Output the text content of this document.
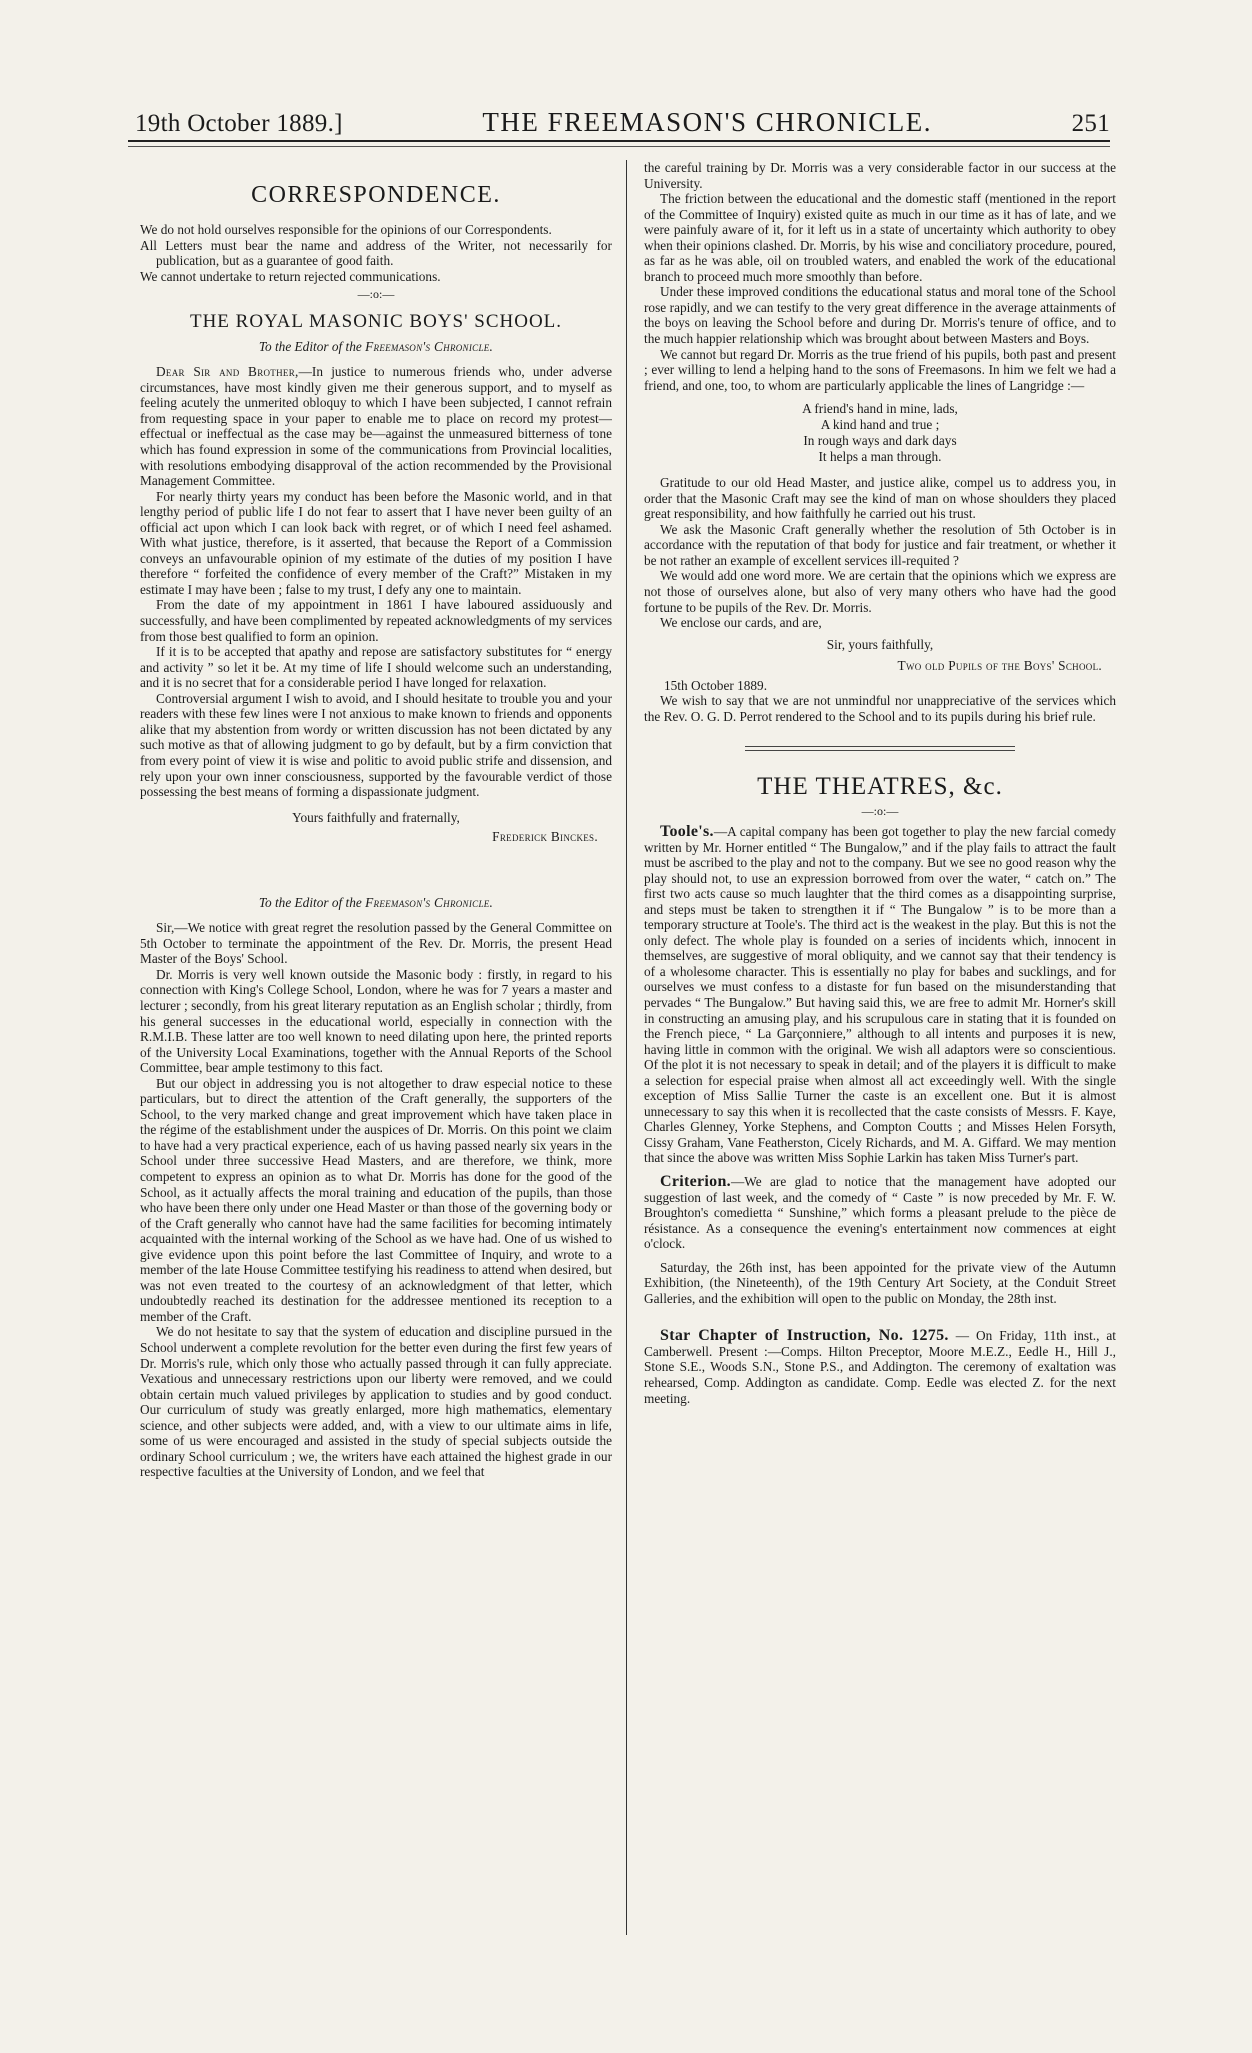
19th October 1889.]	THE FREEMASON'S CHRONICLE.	251
CORRESPONDENCE.

We do not hold ourselves responsible for the opinions of our Correspondents.

All Letters must bear the name and address of the Writer, not necessarily for publication, but as a guarantee of good faith.

We cannot undertake to return rejected communications.

—:o:—
THE ROYAL MASONIC BOYS' SCHOOL.
To the Editor of the Freemason's Chronicle.

Dear Sir and Brother,—In justice to numerous friends who, under adverse circumstances, have most kindly given me their generous support, and to myself as feeling acutely the unmerited obloquy to which I have been subjected, I cannot refrain from requesting space in your paper to enable me to place on record my protest—effectual or ineffectual as the case may be—against the unmeasured bitterness of tone which has found expression in some of the communications from Provincial localities, with resolutions embodying disapproval of the action recommended by the Provisional Management Committee.

For nearly thirty years my conduct has been before the Masonic world, and in that lengthy period of public life I do not fear to assert that I have never been guilty of an official act upon which I can look back with regret, or of which I need feel ashamed. With what justice, therefore, is it asserted, that because the Report of a Commission conveys an unfavourable opinion of my estimate of the duties of my position I have therefore “ forfeited the confidence of every member of the Craft?” Mistaken in my estimate I may have been ; false to my trust, I defy any one to maintain.

From the date of my appointment in 1861 I have laboured assiduously and successfully, and have been complimented by repeated acknowledgments of my services from those best qualified to form an opinion.

If it is to be accepted that apathy and repose are satisfactory substitutes for “ energy and activity ” so let it be. At my time of life I should welcome such an understanding, and it is no secret that for a considerable period I have longed for relaxation.

Controversial argument I wish to avoid, and I should hesitate to trouble you and your readers with these few lines were I not anxious to make known to friends and opponents alike that my abstention from wordy or written discussion has not been dictated by any such motive as that of allowing judgment to go by default, but by a firm conviction that from every point of view it is wise and politic to avoid public strife and dissension, and rely upon your own inner consciousness, supported by the favourable verdict of those possessing the best means of forming a dispassionate judgment.

Yours faithfully and fraternally,
Frederick Binckes.
To the Editor of the Freemason's Chronicle.

Sir,—We notice with great regret the resolution passed by the General Committee on 5th October to terminate the appointment of the Rev. Dr. Morris, the present Head Master of the Boys' School.

Dr. Morris is very well known outside the Masonic body : firstly, in regard to his connection with King's College School, London, where he was for 7 years a master and lecturer ; secondly, from his great literary reputation as an English scholar ; thirdly, from his general successes in the educational world, especially in connection with the R.M.I.B. These latter are too well known to need dilating upon here, the printed reports of the University Local Examinations, together with the Annual Reports of the School Committee, bear ample testimony to this fact.

But our object in addressing you is not altogether to draw especial notice to these particulars, but to direct the attention of the Craft generally, the supporters of the School, to the very marked change and great improvement which have taken place in the régime of the establishment under the auspices of Dr. Morris. On this point we claim to have had a very practical experience, each of us having passed nearly six years in the School under three successive Head Masters, and are therefore, we think, more competent to express an opinion as to what Dr. Morris has done for the good of the School, as it actually affects the moral training and education of the pupils, than those who have been there only under one Head Master or than those of the governing body or of the Craft generally who cannot have had the same facilities for becoming intimately acquainted with the internal working of the School as we have had. One of us wished to give evidence upon this point before the last Committee of Inquiry, and wrote to a member of the late House Committee testifying his readiness to attend when desired, but was not even treated to the courtesy of an acknowledgment of that letter, which undoubtedly reached its destination for the addressee mentioned its reception to a member of the Craft.

We do not hesitate to say that the system of education and discipline pursued in the School underwent a complete revolution for the better even during the first few years of Dr. Morris's rule, which only those who actually passed through it can fully appreciate. Vexatious and unnecessary restrictions upon our liberty were removed, and we could obtain certain much valued privileges by application to studies and by good conduct. Our curriculum of study was greatly enlarged, more high mathematics, elementary science, and other subjects were added, and, with a view to our ultimate aims in life, some of us were encouraged and assisted in the study of special subjects outside the ordinary School curriculum ; we, the writers have each attained the highest grade in our respective faculties at the University of London, and we feel that

the careful training by Dr. Morris was a very considerable factor in our success at the University.

The friction between the educational and the domestic staff (mentioned in the report of the Committee of Inquiry) existed quite as much in our time as it has of late, and we were painfuly aware of it, for it left us in a state of uncertainty which authority to obey when their opinions clashed. Dr. Morris, by his wise and conciliatory procedure, poured, as far as he was able, oil on troubled waters, and enabled the work of the educational branch to proceed much more smoothly than before.

Under these improved conditions the educational status and moral tone of the School rose rapidly, and we can testify to the very great difference in the average attainments of the boys on leaving the School before and during Dr. Morris's tenure of office, and to the much happier relationship which was brought about between Masters and Boys.

We cannot but regard Dr. Morris as the true friend of his pupils, both past and present ; ever willing to lend a helping hand to the sons of Freemasons. In him we felt we had a friend, and one, too, to whom are particularly applicable the lines of Langridge :—

A friend's hand in mine, lads,
A kind hand and true ;
In rough ways and dark days
It helps a man through.

Gratitude to our old Head Master, and justice alike, compel us to address you, in order that the Masonic Craft may see the kind of man on whose shoulders they placed great responsibility, and how faithfully he carried out his trust.

We ask the Masonic Craft generally whether the resolution of 5th October is in accordance with the reputation of that body for justice and fair treatment, or whether it be not rather an example of excellent services ill-requited ?

We would add one word more. We are certain that the opinions which we express are not those of ourselves alone, but also of very many others who have had the good fortune to be pupils of the Rev. Dr. Morris.

We enclose our cards, and are,

Sir, yours faithfully,
Two old Pupils of the Boys' School.

15th October 1889.

We wish to say that we are not unmindful nor unappreciative of the services which the Rev. O. G. D. Perrot rendered to the School and to its pupils during his brief rule.

THE THEATRES, &c.
—:o:—

Toole's.—A capital company has been got together to play the new farcial comedy written by Mr. Horner entitled “ The Bungalow,” and if the play fails to attract the fault must be ascribed to the play and not to the company. But we see no good reason why the play should not, to use an expression borrowed from over the water, “ catch on.” The first two acts cause so much laughter that the third comes as a disappointing surprise, and steps must be taken to strengthen it if “ The Bungalow ” is to be more than a temporary structure at Toole's. The third act is the weakest in the play. But this is not the only defect. The whole play is founded on a series of incidents which, innocent in themselves, are suggestive of moral obliquity, and we cannot say that their tendency is of a wholesome character. This is essentially no play for babes and sucklings, and for ourselves we must confess to a distaste for fun based on the misunderstanding that pervades “ The Bungalow.” But having said this, we are free to admit Mr. Horner's skill in constructing an amusing play, and his scrupulous care in stating that it is founded on the French piece, “ La Garçonniere,” although to all intents and purposes it is new, having little in common with the original. We wish all adaptors were so conscientious. Of the plot it is not necessary to speak in detail; and of the players it is difficult to make a selection for especial praise when almost all act exceedingly well. With the single exception of Miss Sallie Turner the caste is an excellent one. But it is almost unnecessary to say this when it is recollected that the caste consists of Messrs. F. Kaye, Charles Glenney, Yorke Stephens, and Compton Coutts ; and Misses Helen Forsyth, Cissy Graham, Vane Featherston, Cicely Richards, and M. A. Giffard. We may mention that since the above was written Miss Sophie Larkin has taken Miss Turner's part.

Criterion.—We are glad to notice that the management have adopted our suggestion of last week, and the comedy of “ Caste ” is now preceded by Mr. F. W. Broughton's comedietta “ Sunshine,” which forms a pleasant prelude to the pièce de résistance. As a consequence the evening's entertainment now commences at eight o'clock.

Saturday, the 26th inst, has been appointed for the private view of the Autumn Exhibition, (the Nineteenth), of the 19th Century Art Society, at the Conduit Street Galleries, and the exhibition will open to the public on Monday, the 28th inst.

Star Chapter of Instruction, No. 1275. — On Friday, 11th inst., at Camberwell. Present :—Comps. Hilton Preceptor, Moore M.E.Z., Eedle H., Hill J., Stone S.E., Woods S.N., Stone P.S., and Addington. The ceremony of exaltation was rehearsed, Comp. Addington as candidate. Comp. Eedle was elected Z. for the next meeting.
